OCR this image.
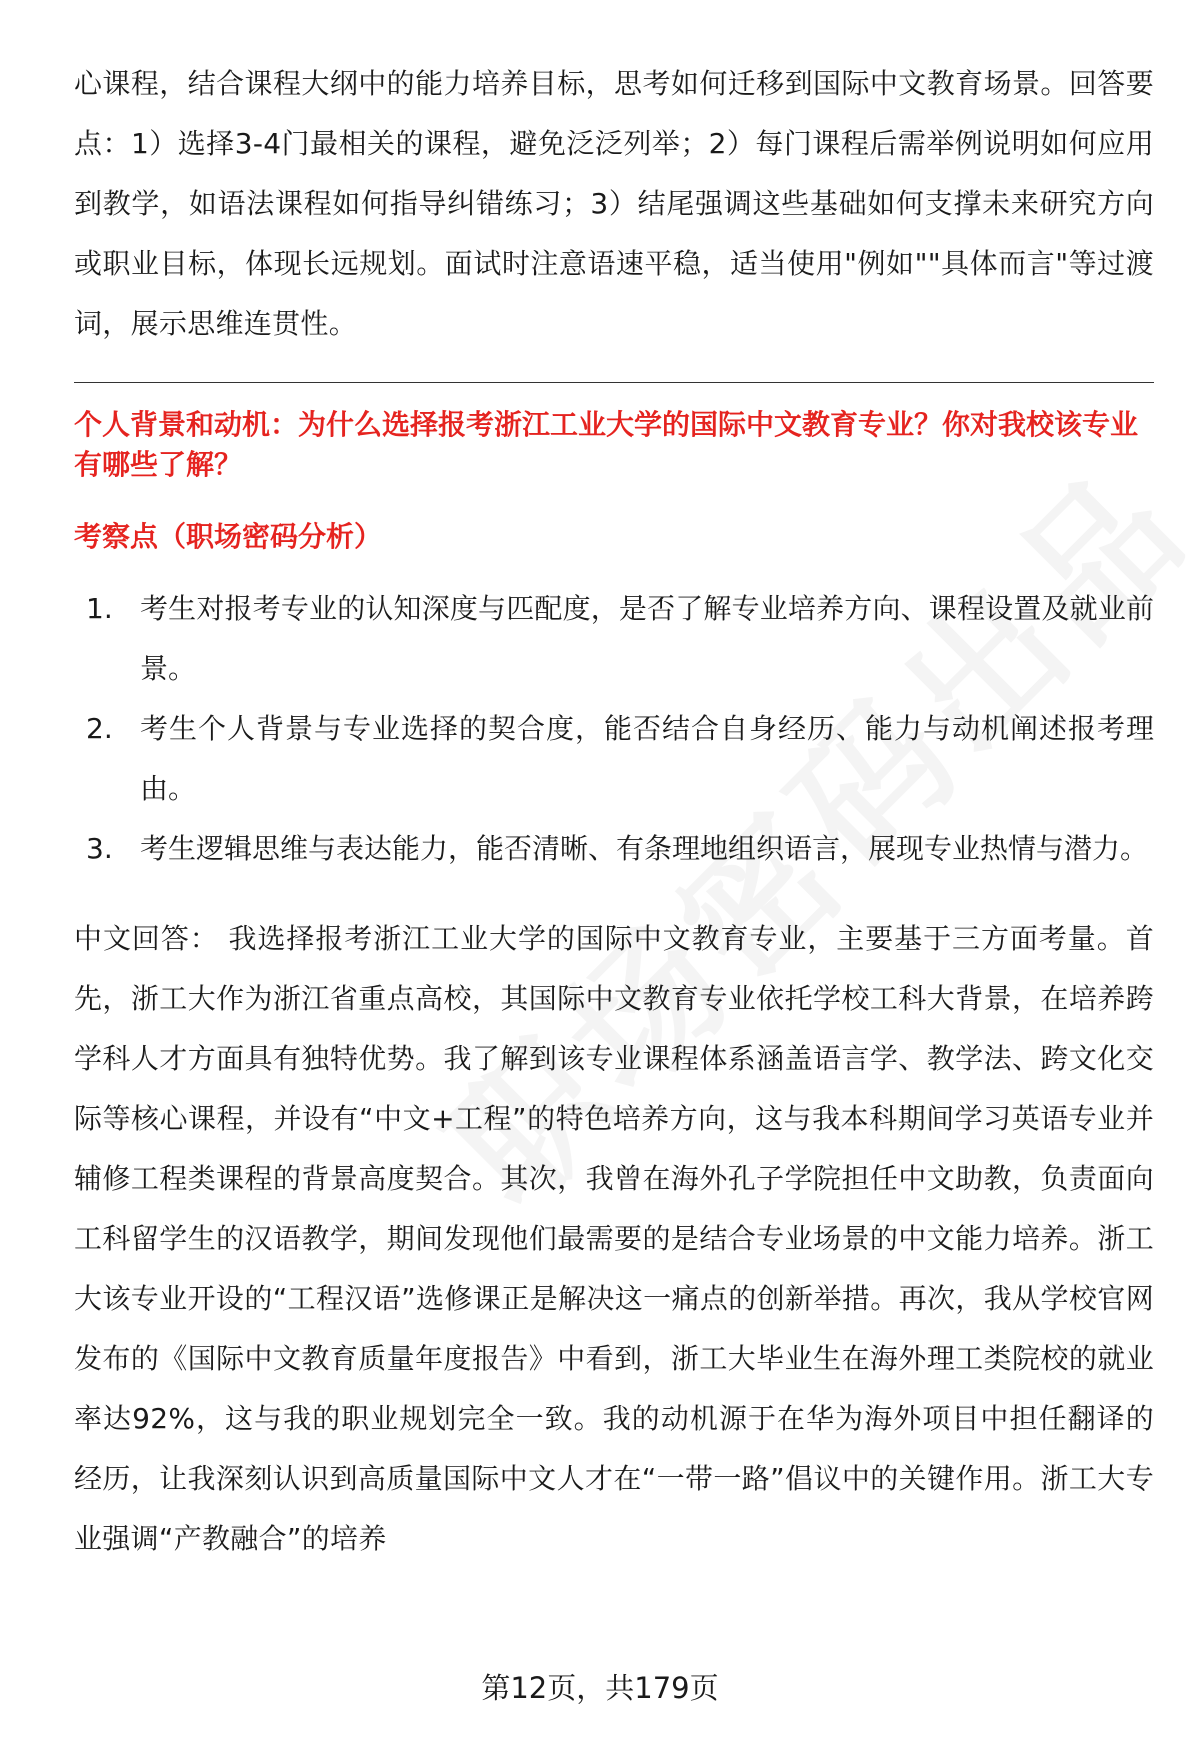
心课程，结合课程大纲中的能力培养目标，思考如何迁移到国际中文教育场景。回答要点：1）选择3-4门最相关的课程，避免泛泛列举；2）每门课程后需举例说明如何应用到教学，如语法课程如何指导纠错练习；3）结尾强调这些基础如何支撑未来研究方向或职业目标，体现长远规划。面试时注意语速平稳，适当使用"例如""具体而言"等过渡词，展示思维连贯性。

个人背景和动机：为什么选择报考浙江工业大学的国际中文教育专业？你对我校该专业有哪些了解？
考察点（职场密码分析）
1. 考生对报考专业的认知深度与匹配度，是否了解专业培养方向、课程设置及就业前景。
2. 考生个人背景与专业选择的契合度，能否结合自身经历、能力与动机阐述报考理由。
3. 考生逻辑思维与表达能力，能否清晰、有条理地组织语言，展现专业热情与潜力。

中文回答： 我选择报考浙江工业大学的国际中文教育专业，主要基于三方面考量。首先，浙工大作为浙江省重点高校，其国际中文教育专业依托学校工科大背景，在培养跨学科人才方面具有独特优势。我了解到该专业课程体系涵盖语言学、教学法、跨文化交际等核心课程，并设有“中文+工程”的特色培养方向，这与我本科期间学习英语专业并辅修工程类课程的背景高度契合。其次，我曾在海外孔子学院担任中文助教，负责面向工科留学生的汉语教学，期间发现他们最需要的是结合专业场景的中文能力培养。浙工大该专业开设的“工程汉语”选修课正是解决这一痛点的创新举措。再次，我从学校官网发布的《国际中文教育质量年度报告》中看到，浙工大毕业生在海外理工类院校的就业率达92%，这与我的职业规划完全一致。我的动机源于在华为海外项目中担任翻译的经历，让我深刻认识到高质量国际中文人才在“一带一路”倡议中的关键作用。浙工大专业强调“产教融合”的培养

第12页，共179页
